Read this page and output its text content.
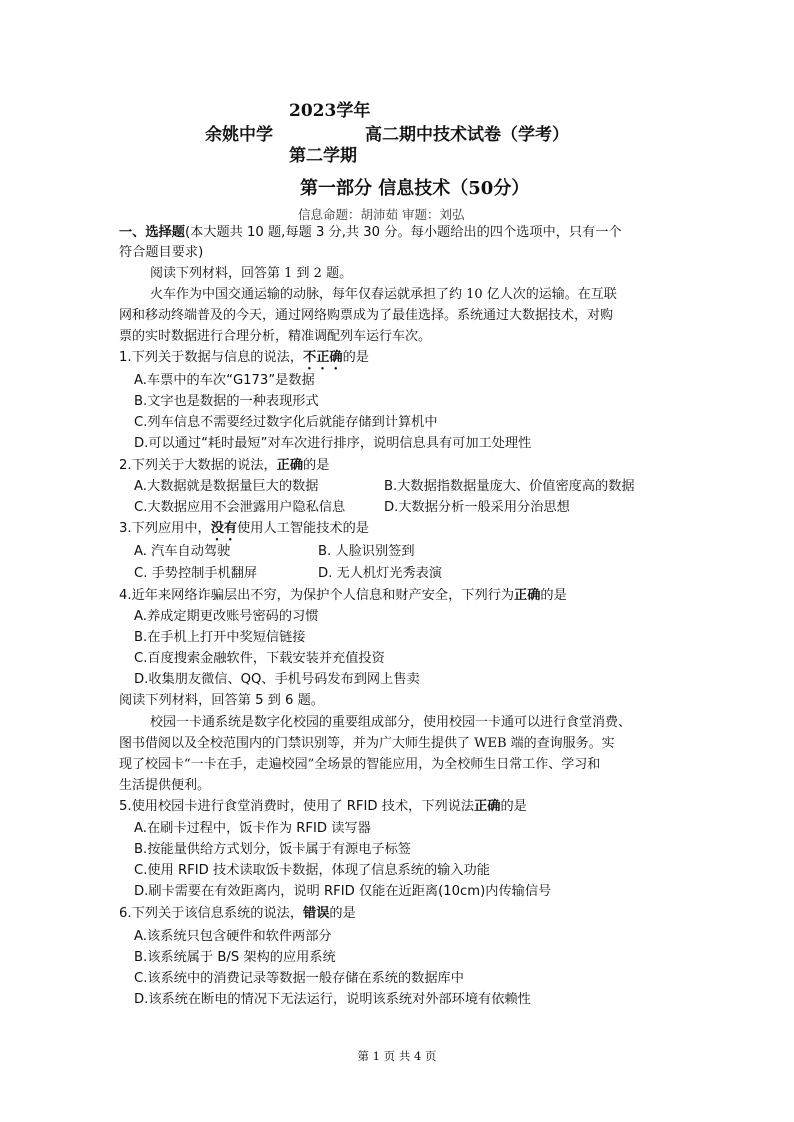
2023学年
余姚中学	高二期中技术试卷（学考）
第二学期
第一部分 信息技术（50分）
信息命题：胡沛茹 审题：刘弘
一、选择题(本大题共 10 题,每题 3 分,共 30 分。每小题给出的四个选项中，只有一个
符合题目要求)
阅读下列材料，回答第 1 到 2 题。
火车作为中国交通运输的动脉，每年仅春运就承担了约 10 亿人次的运输。在互联
网和移动终端普及的今天，通过网络购票成为了最佳选择。系统通过大数据技术，对购
票的实时数据进行合理分析，精准调配列车运行车次。
1.下列关于数据与信息的说法，不正确的是
A.车票中的车次“G173”是数据
B.文字也是数据的一种表现形式
C.列车信息不需要经过数字化后就能存储到计算机中
D.可以通过“耗时最短”对车次进行排序，说明信息具有可加工处理性
2.下列关于大数据的说法，正确的是
A.大数据就是数据量巨大的数据	B.大数据指数据量庞大、价值密度高的数据
C.大数据应用不会泄露用户隐私信息	D.大数据分析一般采用分治思想
3.下列应用中，没有使用人工智能技术的是
A. 汽车自动驾驶	B. 人脸识别签到
C. 手势控制手机翻屏	D. 无人机灯光秀表演
4.近年来网络诈骗层出不穷，为保护个人信息和财产安全，下列行为正确的是
A.养成定期更改账号密码的习惯
B.在手机上打开中奖短信链接
C.百度搜索金融软件，下载安装并充值投资
D.收集朋友微信、QQ、手机号码发布到网上售卖
阅读下列材料，回答第 5 到 6 题。
校园一卡通系统是数字化校园的重要组成部分，使用校园一卡通可以进行食堂消费、
图书借阅以及全校范围内的门禁识别等，并为广大师生提供了 WEB 端的查询服务。实
现了校园卡“一卡在手，走遍校园”全场景的智能应用，为全校师生日常工作、学习和
生活提供便利。
5.使用校园卡进行食堂消费时，使用了 RFID 技术，下列说法正确的是
A.在刷卡过程中，饭卡作为 RFID 读写器
B.按能量供给方式划分，饭卡属于有源电子标签
C.使用 RFID 技术读取饭卡数据，体现了信息系统的输入功能
D.刷卡需要在有效距离内，说明 RFID 仅能在近距离(10cm)内传输信号
6.下列关于该信息系统的说法，错误的是
A.该系统只包含硬件和软件两部分
B.该系统属于 B/S 架构的应用系统
C.该系统中的消费记录等数据一般存储在系统的数据库中
D.该系统在断电的情况下无法运行，说明该系统对外部环境有依赖性
第 1 页 共 4 页
